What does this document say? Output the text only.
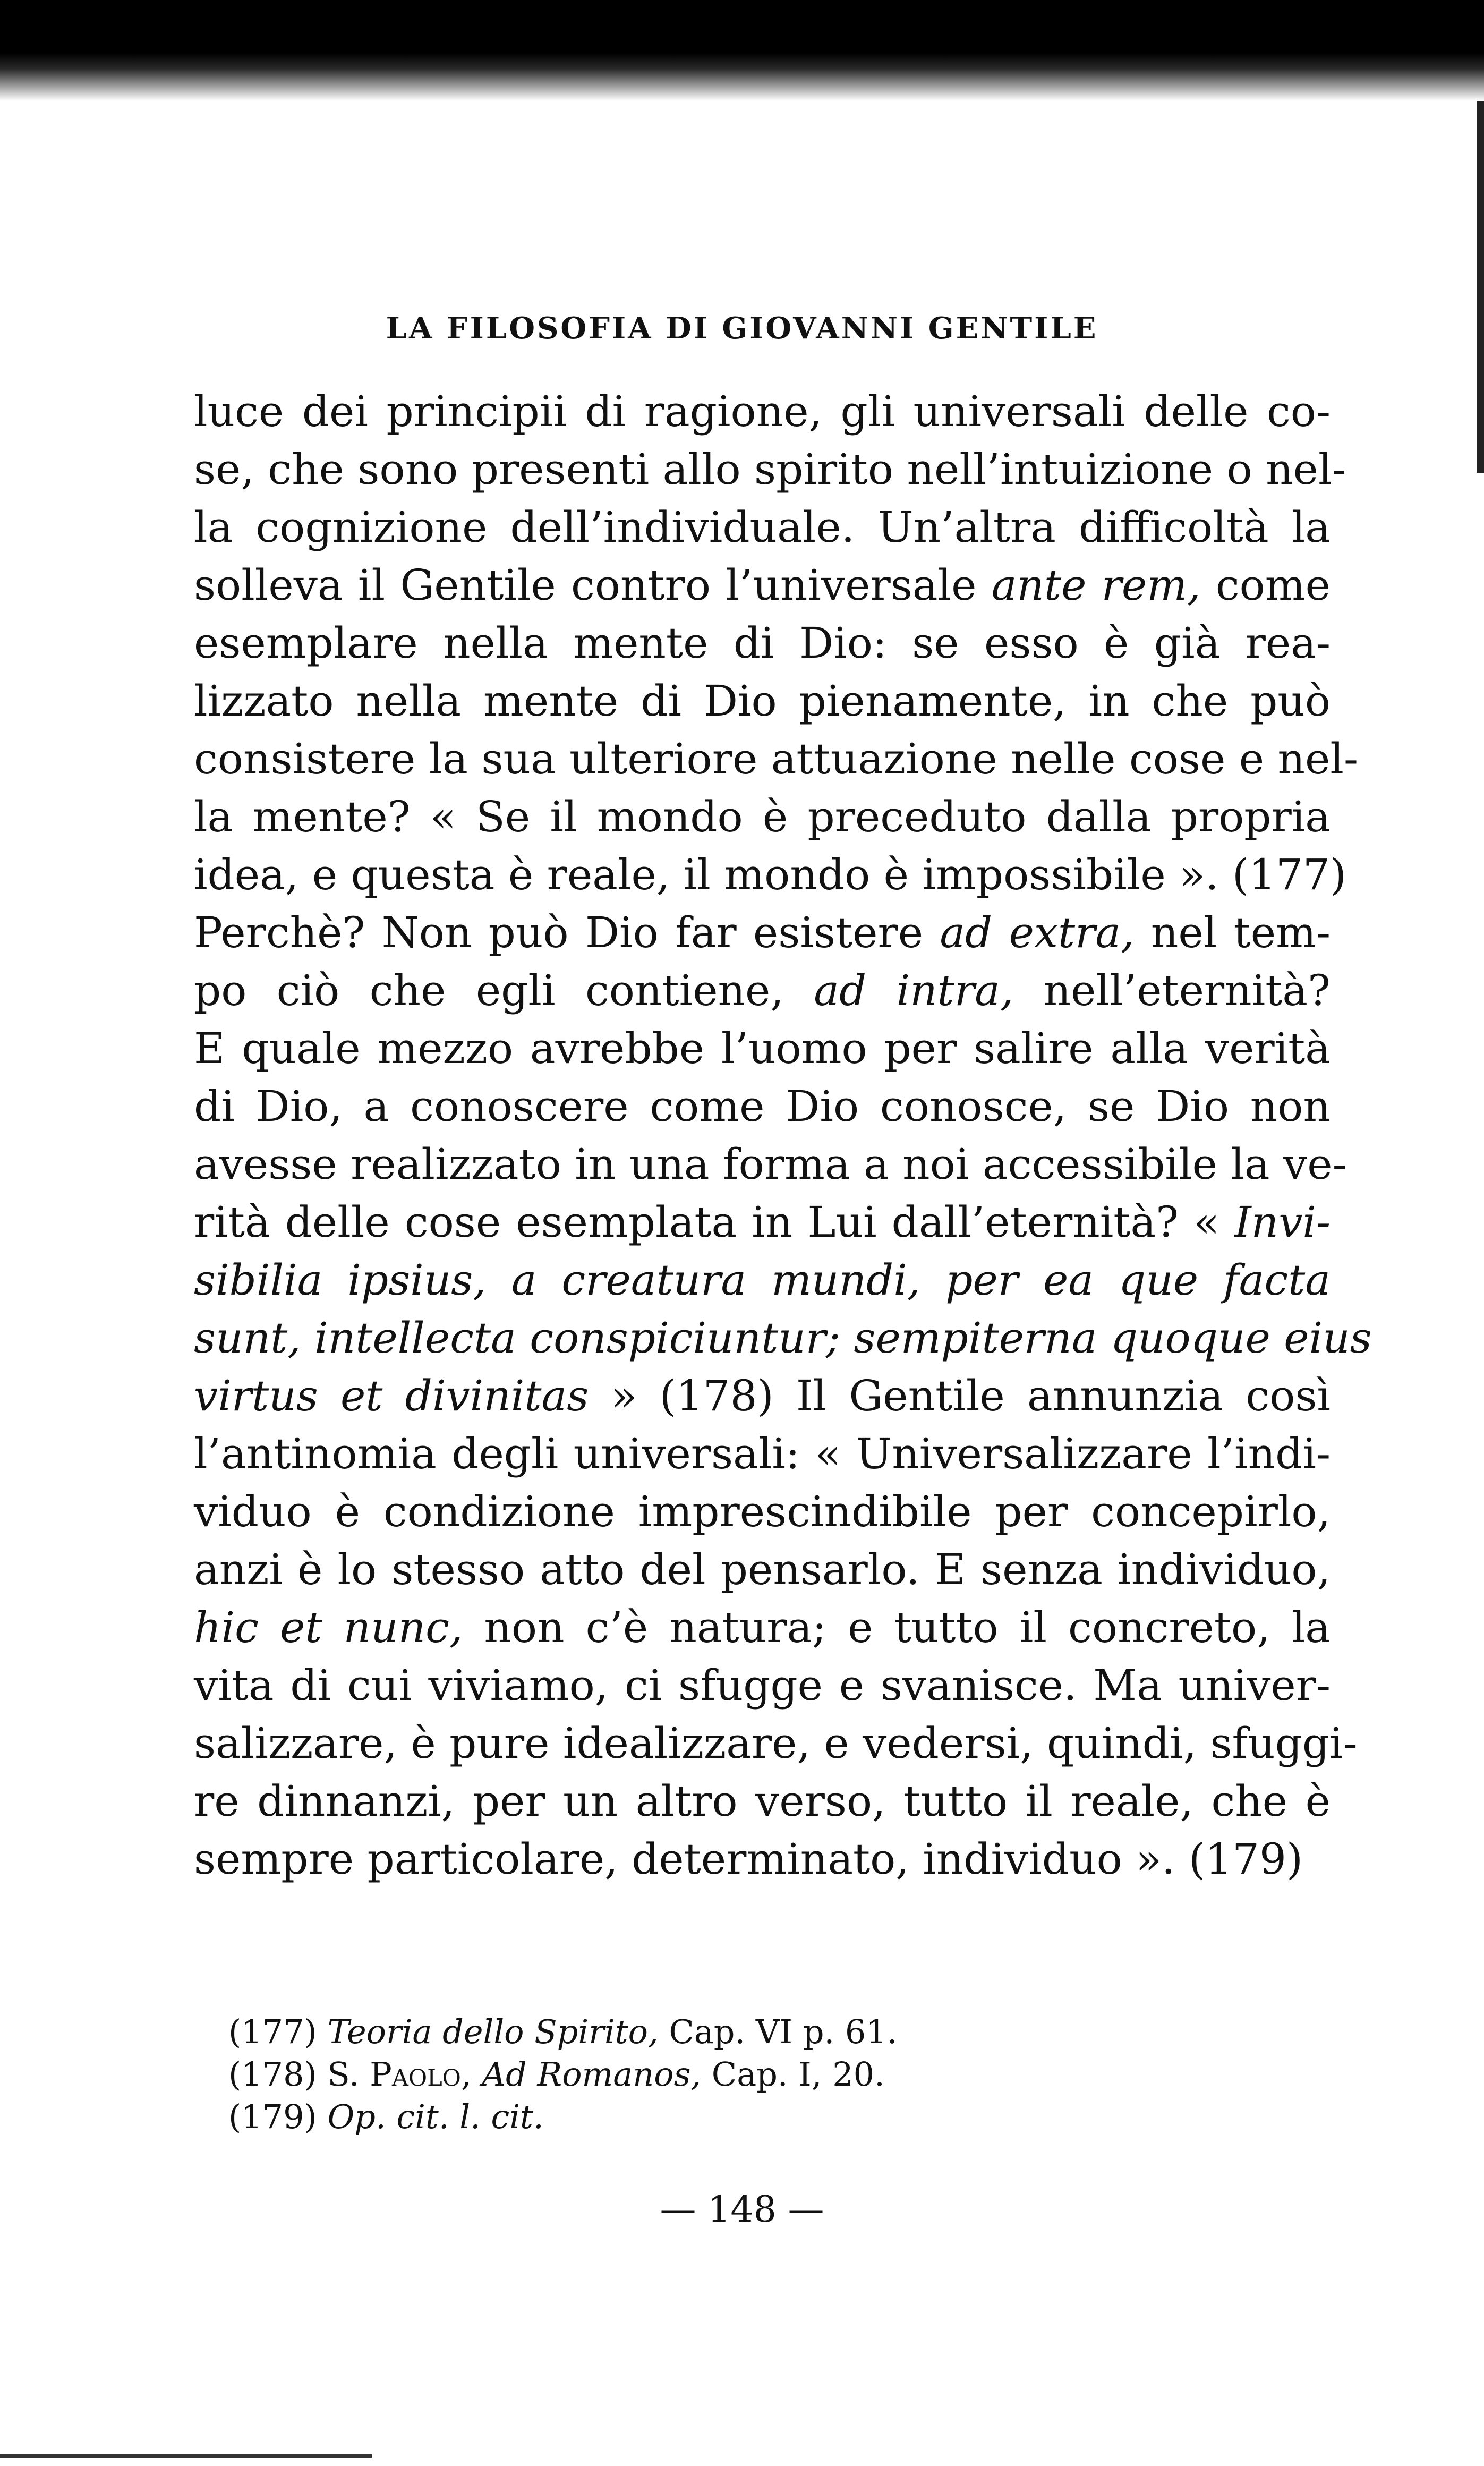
LA FILOSOFIA DI GIOVANNI GENTILE
luce dei principii di ragione, gli universali delle co-
se, che sono presenti allo spirito nell’intuizione o nel-
la cognizione dell’individuale. Un’altra difficoltà la
solleva il Gentile contro l’universale ante rem, come
esemplare nella mente di Dio: se esso è già rea-
lizzato nella mente di Dio pienamente, in che può
consistere la sua ulteriore attuazione nelle cose e nel-
la mente? « Se il mondo è preceduto dalla propria
idea, e questa è reale, il mondo è impossibile ». (177)
Perchè? Non può Dio far esistere ad extra, nel tem-
po ciò che egli contiene, ad intra, nell’eternità?
E quale mezzo avrebbe l’uomo per salire alla verità
di Dio, a conoscere come Dio conosce, se Dio non
avesse realizzato in una forma a noi accessibile la ve-
rità delle cose esemplata in Lui dall’eternità? « Invi-
sibilia ipsius, a creatura mundi, per ea que facta
sunt, intellecta conspiciuntur; sempiterna quoque eius
virtus et divinitas » (178) Il Gentile annunzia così
l’antinomia degli universali: « Universalizzare l’indi-
viduo è condizione imprescindibile per concepirlo,
anzi è lo stesso atto del pensarlo. E senza individuo,
hic et nunc, non c’è natura; e tutto il concreto, la
vita di cui viviamo, ci sfugge e svanisce. Ma univer-
salizzare, è pure idealizzare, e vedersi, quindi, sfuggi-
re dinnanzi, per un altro verso, tutto il reale, che è
sempre particolare, determinato, individuo ». (179)
(177) Teoria dello Spirito, Cap. VI p. 61.
(178) S. Paolo, Ad Romanos, Cap. I, 20.
(179) Op. cit. l. cit.
— 148 —
